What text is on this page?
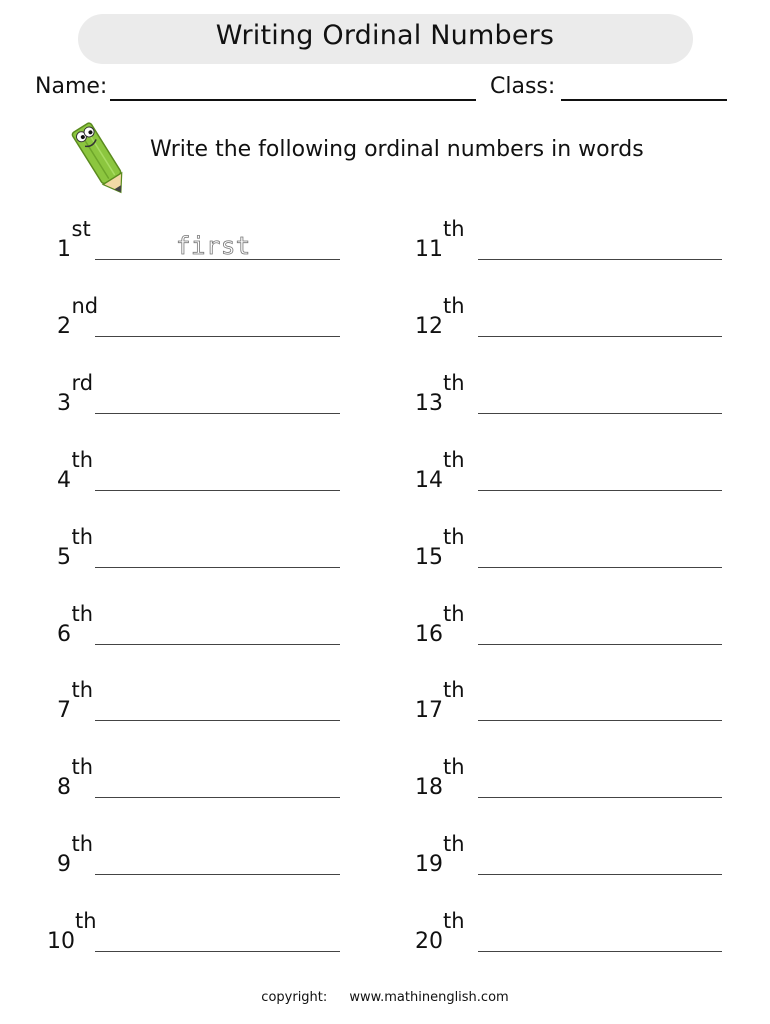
Writing Ordinal Numbers
Name:	Class:
Write the following ordinal numbers in words
1
st
first
2
nd
3
rd
4
th
5
th
6
th
7
th
8
th
9
th
10
th
11
th
12
th
13
th
14
th
15
th
16
th
17
th
18
th
19
th
20
th
copyright: www.mathinenglish.com
